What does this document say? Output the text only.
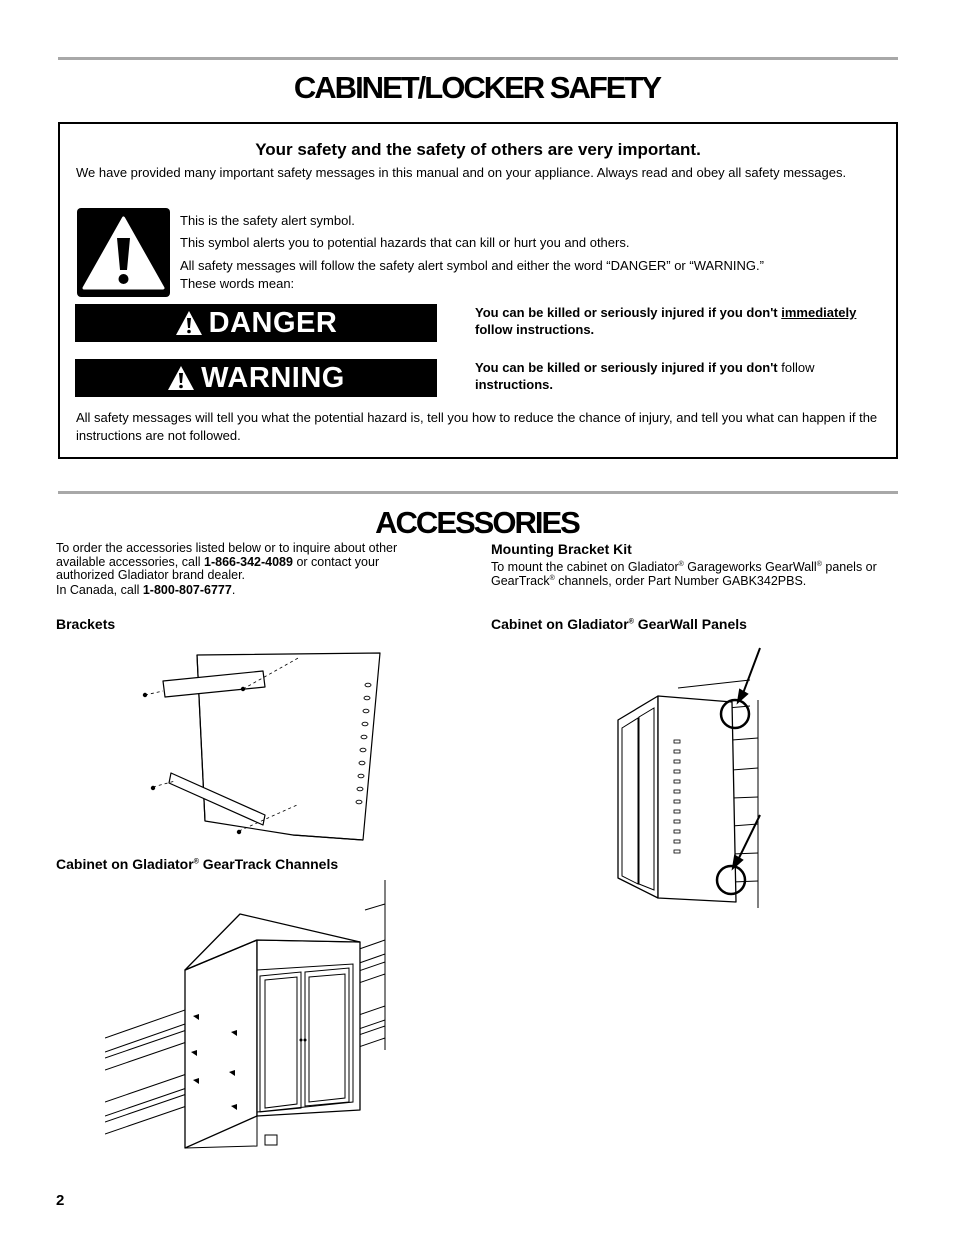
CABINET/LOCKER SAFETY
Your safety and the safety of others are very important.
We have provided many important safety messages in this manual and on your appliance. Always read and obey all safety messages.
This is the safety alert symbol.
This symbol alerts you to potential hazards that can kill or hurt you and others.
All safety messages will follow the safety alert symbol and either the word “DANGER” or “WARNING.”
These words mean:
DANGER	You can be killed or seriously injured if you don't immediately
follow instructions.
WARNING	You can be killed or seriously injured if you don't follow
instructions.
All safety messages will tell you what the potential hazard is, tell you how to reduce the chance of injury, and tell you what can happen if the instructions are not followed.
ACCESSORIES
To order the accessories listed below or to inquire about other available accessories, call 1-866-342-4089 or contact your authorized Gladiator brand dealer.
In Canada, call 1-800-807-6777.
Mounting Bracket Kit
To mount the cabinet on Gladiator® Garageworks GearWall® panels or GearTrack® channels, order Part Number GABK342PBS.
Brackets	Cabinet on Gladiator® GearWall Panels
Cabinet on Gladiator® GearTrack Channels
2
